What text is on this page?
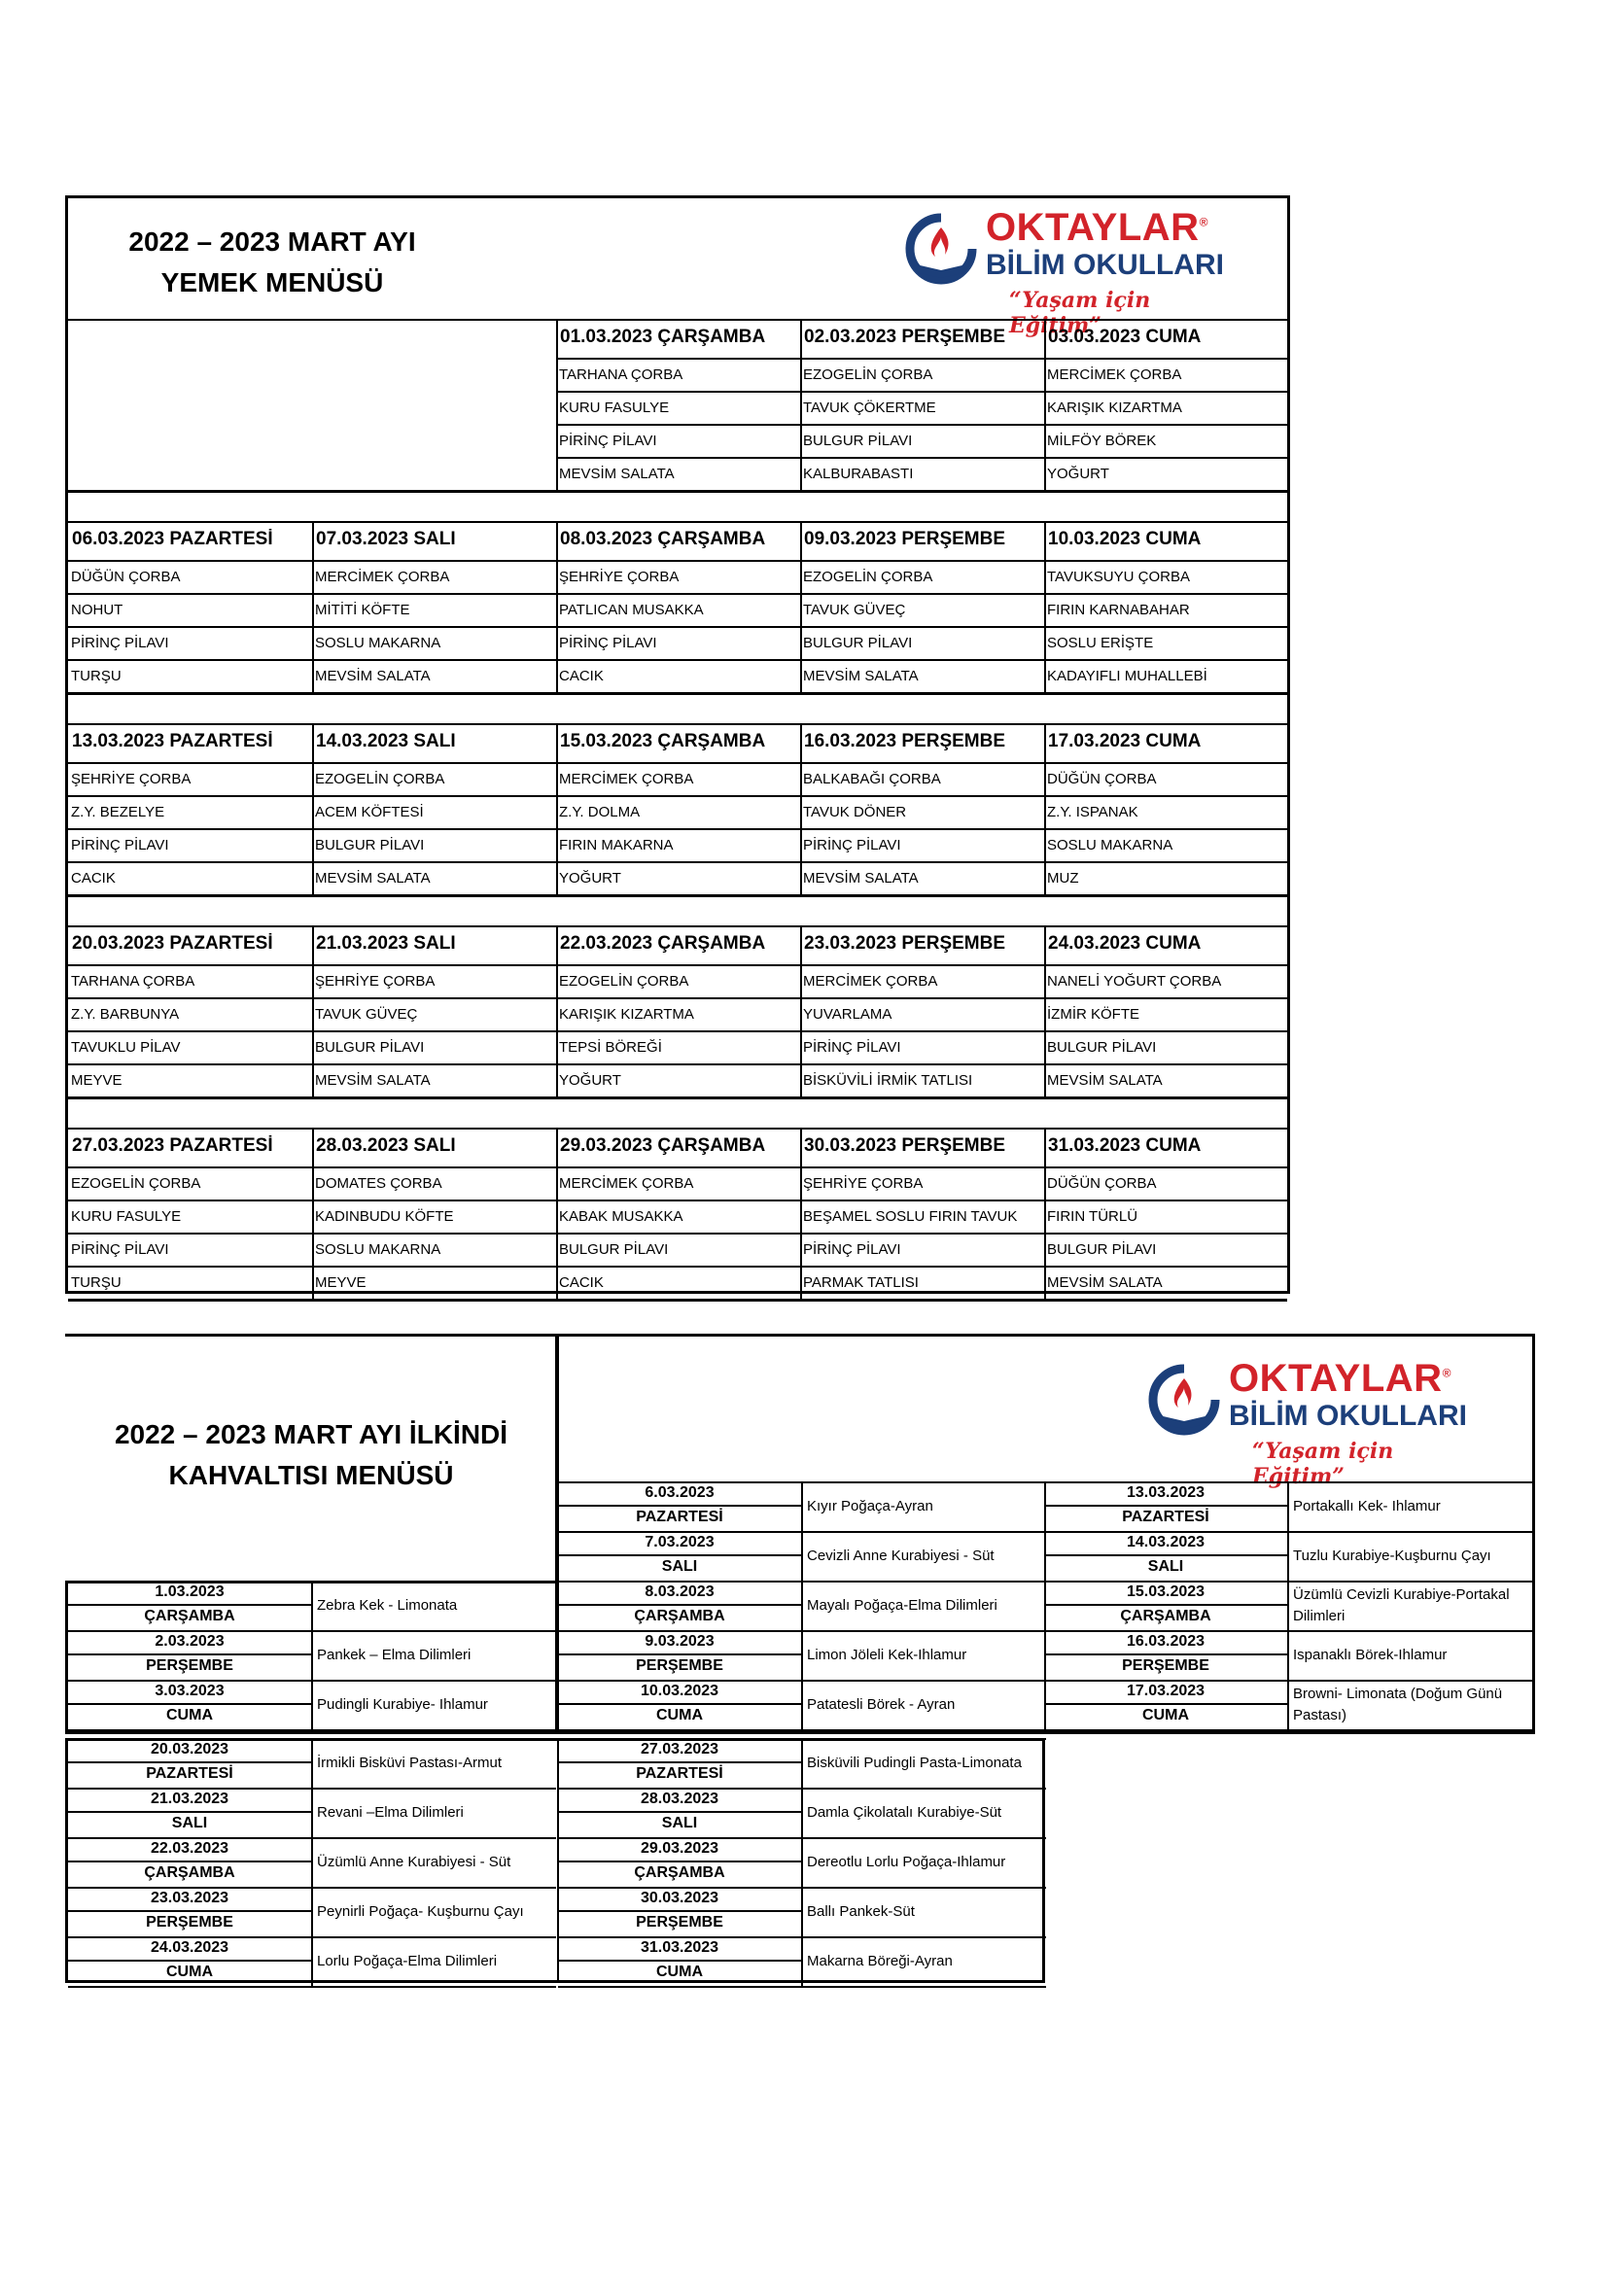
2022 – 2023 MART AYI YEMEK MENÜSÜ
OKTAYLAR®
BİLİM OKULLARI
“Yaşam için Eğitim”
01.03.2023 ÇARŞAMBA
TARHANA ÇORBA
KURU FASULYE
PİRİNÇ PİLAVI
MEVSİM SALATA
02.03.2023 PERŞEMBE
EZOGELİN ÇORBA
TAVUK ÇÖKERTME
BULGUR PİLAVI
KALBURABASTI
03.03.2023 CUMA
MERCİMEK ÇORBA
KARIŞIK KIZARTMA
MİLFÖY BÖREK
YOĞURT
06.03.2023 PAZARTESİ
DÜĞÜN ÇORBA
NOHUT
PİRİNÇ PİLAVI
TURŞU
07.03.2023 SALI
MERCİMEK ÇORBA
MİTİTİ KÖFTE
SOSLU MAKARNA
MEVSİM SALATA
08.03.2023 ÇARŞAMBA
ŞEHRİYE ÇORBA
PATLICAN MUSAKKA
PİRİNÇ PİLAVI
CACIK
09.03.2023 PERŞEMBE
EZOGELİN ÇORBA
TAVUK GÜVEÇ
BULGUR PİLAVI
MEVSİM SALATA
10.03.2023 CUMA
TAVUKSUYU ÇORBA
FIRIN KARNABAHAR
SOSLU ERİŞTE
KADAYIFLI MUHALLEBİ
13.03.2023 PAZARTESİ
ŞEHRİYE ÇORBA
Z.Y. BEZELYE
PİRİNÇ PİLAVI
CACIK
14.03.2023 SALI
EZOGELİN ÇORBA
ACEM KÖFTESİ
BULGUR PİLAVI
MEVSİM SALATA
15.03.2023 ÇARŞAMBA
MERCİMEK ÇORBA
Z.Y. DOLMA
FIRIN MAKARNA
YOĞURT
16.03.2023 PERŞEMBE
BALKABAĞI ÇORBA
TAVUK DÖNER
PİRİNÇ PİLAVI
MEVSİM SALATA
17.03.2023 CUMA
DÜĞÜN ÇORBA
Z.Y. ISPANAK
SOSLU MAKARNA
MUZ
20.03.2023 PAZARTESİ
TARHANA ÇORBA
Z.Y. BARBUNYA
TAVUKLU PİLAV
MEYVE
21.03.2023 SALI
ŞEHRİYE ÇORBA
TAVUK GÜVEÇ
BULGUR PİLAVI
MEVSİM SALATA
22.03.2023 ÇARŞAMBA
EZOGELİN ÇORBA
KARIŞIK KIZARTMA
TEPSİ BÖREĞİ
YOĞURT
23.03.2023 PERŞEMBE
MERCİMEK ÇORBA
YUVARLAMA
PİRİNÇ PİLAVI
BİSKÜVİLİ İRMİK TATLISI
24.03.2023 CUMA
NANELİ YOĞURT ÇORBA
İZMİR KÖFTE
BULGUR PİLAVI
MEVSİM SALATA
27.03.2023 PAZARTESİ
EZOGELİN ÇORBA
KURU FASULYE
PİRİNÇ PİLAVI
TURŞU
28.03.2023 SALI
DOMATES ÇORBA
KADINBUDU KÖFTE
SOSLU MAKARNA
MEYVE
29.03.2023 ÇARŞAMBA
MERCİMEK ÇORBA
KABAK MUSAKKA
BULGUR PİLAVI
CACIK
30.03.2023 PERŞEMBE
ŞEHRİYE ÇORBA
BEŞAMEL SOSLU FIRIN TAVUK
PİRİNÇ PİLAVI
PARMAK TATLISI
31.03.2023 CUMA
DÜĞÜN ÇORBA
FIRIN TÜRLÜ
BULGUR PİLAVI
MEVSİM SALATA
2022 – 2023 MART AYI İLKİNDİ KAHVALTISI MENÜSÜ
OKTAYLAR®
BİLİM OKULLARI
“Yaşam için Eğitim”
1.03.2023
ÇARŞAMBA
Zebra Kek - Limonata
2.03.2023
PERŞEMBE
Pankek – Elma Dilimleri
3.03.2023
CUMA
Pudingli Kurabiye- Ihlamur
6.03.2023
PAZARTESİ
Kıyır Poğaça-Ayran
7.03.2023
SALI
Cevizli Anne Kurabiyesi - Süt
8.03.2023
ÇARŞAMBA
Mayalı Poğaça-Elma Dilimleri
9.03.2023
PERŞEMBE
Limon Jöleli Kek-Ihlamur
10.03.2023
CUMA
Patatesli Börek - Ayran
13.03.2023
PAZARTESİ
Portakallı Kek- Ihlamur
14.03.2023
SALI
Tuzlu Kurabiye-Kuşburnu Çayı
15.03.2023
ÇARŞAMBA
Üzümlü Cevizli Kurabiye-Portakal Dilimleri
16.03.2023
PERŞEMBE
Ispanaklı Börek-Ihlamur
17.03.2023
CUMA
Browni- Limonata (Doğum Günü Pastası)
20.03.2023
PAZARTESİ
İrmikli Bisküvi Pastası-Armut
21.03.2023
SALI
Revani –Elma Dilimleri
22.03.2023
ÇARŞAMBA
Üzümlü Anne Kurabiyesi - Süt
23.03.2023
PERŞEMBE
Peynirli Poğaça- Kuşburnu Çayı
24.03.2023
CUMA
Lorlu Poğaça-Elma Dilimleri
27.03.2023
PAZARTESİ
Bisküvili Pudingli Pasta-Limonata
28.03.2023
SALI
Damla Çikolatalı Kurabiye-Süt
29.03.2023
ÇARŞAMBA
Dereotlu Lorlu Poğaça-Ihlamur
30.03.2023
PERŞEMBE
Ballı Pankek-Süt
31.03.2023
CUMA
Makarna Böreği-Ayran
